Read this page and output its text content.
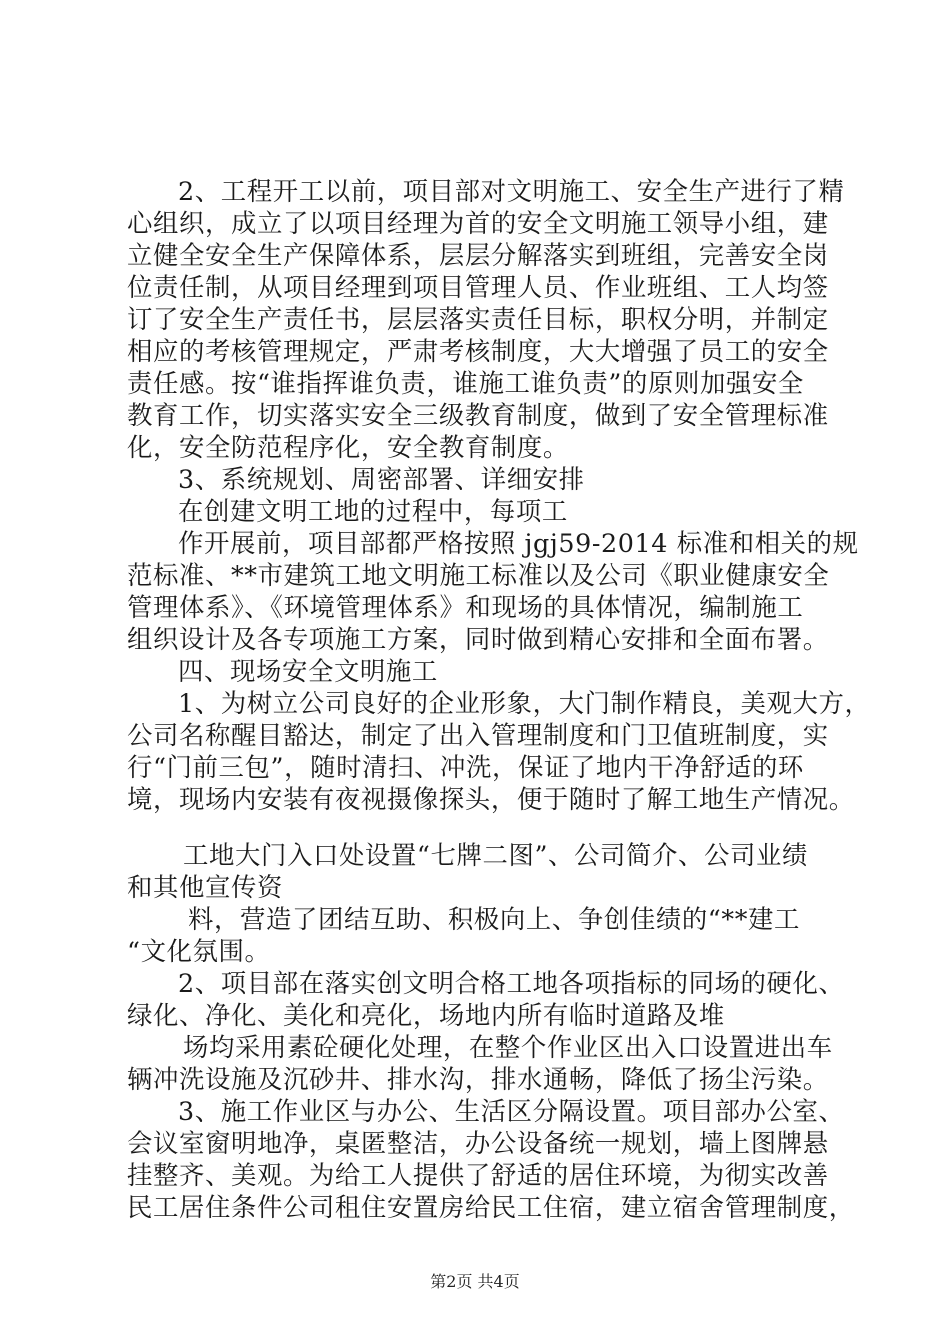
2、工程开工以前，项目部对文明施工、安全生产进行了精

心组织，成立了以项目经理为首的安全文明施工领导小组，建

立健全安全生产保障体系，层层分解落实到班组，完善安全岗

位责任制，从项目经理到项目管理人员、作业班组、工人均签

订了安全生产责任书，层层落实责任目标，职权分明，并制定

相应的考核管理规定，严肃考核制度，大大增强了员工的安全

责任感。按“谁指挥谁负责，谁施工谁负责”的原则加强安全

教育工作，切实落实安全三级教育制度，做到了安全管理标准

化，安全防范程序化，安全教育制度。

3、系统规划、周密部署、详细安排

在创建文明工地的过程中，每项工

作开展前，项目部都严格按照 jgj59-2014 标准和相关的规

范标准、**市建筑工地文明施工标准以及公司《职业健康安全

管理体系》、《环境管理体系》和现场的具体情况，编制施工

组织设计及各专项施工方案，同时做到精心安排和全面布署。

四、现场安全文明施工

1、为树立公司良好的企业形象，大门制作精良，美观大方，

公司名称醒目豁达，制定了出入管理制度和门卫值班制度，实

行“门前三包”，随时清扫、冲洗，保证了地内干净舒适的环

境，现场内安装有夜视摄像探头，便于随时了解工地生产情况。

工地大门入口处设置“七牌二图”、公司简介、公司业绩

和其他宣传资

料，营造了团结互助、积极向上、争创佳绩的“**建工

“文化氛围。

2、项目部在落实创文明合格工地各项指标的同场的硬化、

绿化、净化、美化和亮化，场地内所有临时道路及堆

场均采用素砼硬化处理，在整个作业区出入口设置进出车

辆冲洗设施及沉砂井、排水沟，排水通畅，降低了扬尘污染。

3、施工作业区与办公、生活区分隔设置。项目部办公室、

会议室窗明地净，桌匿整洁，办公设备统一规划，墙上图牌悬

挂整齐、美观。为给工人提供了舒适的居住环境，为彻实改善

民工居住条件公司租住安置房给民工住宿，建立宿舍管理制度，

第2页 共4页
